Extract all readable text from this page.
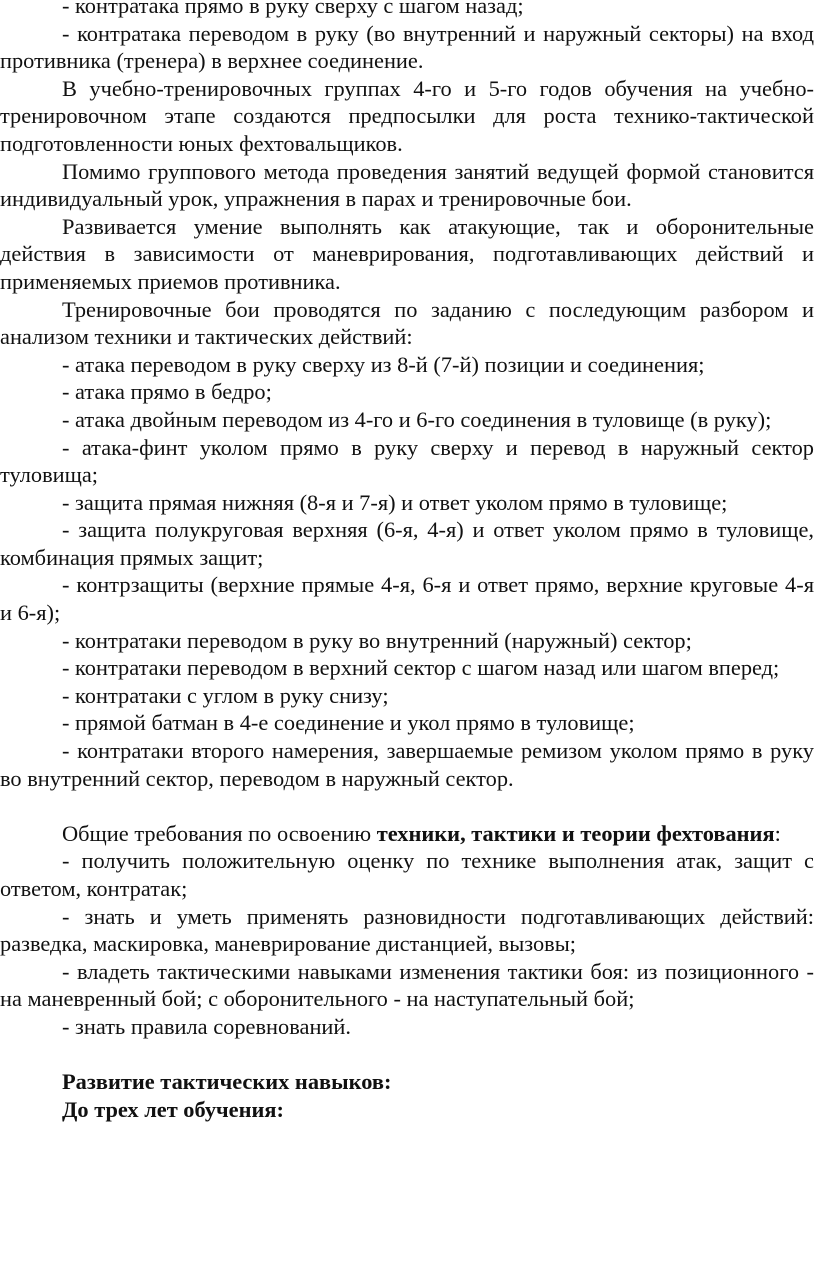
- контратака прямо в руку сверху с шагом назад;

- контратака переводом в руку (во внутренний и наружный секторы) на вход противника (тренера) в верхнее соединение.

В учебно-тренировочных группах 4-го и 5-го годов обучения на учебно-тренировочном этапе создаются предпосылки для роста технико-тактической подготовленности юных фехтовальщиков.

Помимо группового метода проведения занятий ведущей формой становится индивидуальный урок, упражнения в парах и тренировочные бои.

Развивается умение выполнять как атакующие, так и оборонительные действия в зависимости от маневрирования, подготавливающих действий и применяемых приемов противника.

Тренировочные бои проводятся по заданию с последующим разбором и анализом техники и тактических действий:

- атака переводом в руку сверху из 8-й (7-й) позиции и соединения;

- атака прямо в бедро;

- атака двойным переводом из 4-го и 6-го соединения в туловище (в руку);

- атака-финт уколом прямо в руку сверху и перевод в наружный сектор туловища;

- защита прямая нижняя (8-я и 7-я) и ответ уколом прямо в туловище;

- защита полукруговая верхняя (6-я, 4-я) и ответ уколом прямо в туловище, комбинация прямых защит;

- контрзащиты (верхние прямые 4-я, 6-я и ответ прямо, верхние круговые 4-я и 6-я);

- контратаки переводом в руку во внутренний (наружный) сектор;

- контратаки переводом в верхний сектор с шагом назад или шагом вперед;

- контратаки с углом в руку снизу;

- прямой батман в 4-е соединение и укол прямо в туловище;

- контратаки второго намерения, завершаемые ремизом уколом прямо в руку во внутренний сектор, переводом в наружный сектор.

Общие требования по освоению техники, тактики и теории фехтования:

- получить положительную оценку по технике выполнения атак, защит с ответом, контратак;

- знать и уметь применять разновидности подготавливающих действий: разведка, маскировка, маневрирование дистанцией, вызовы;

- владеть тактическими навыками изменения тактики боя: из позиционного - на маневренный бой; с оборонительного - на наступательный бой;

- знать правила соревнований.

Развитие тактических навыков:

До трех лет обучения:
